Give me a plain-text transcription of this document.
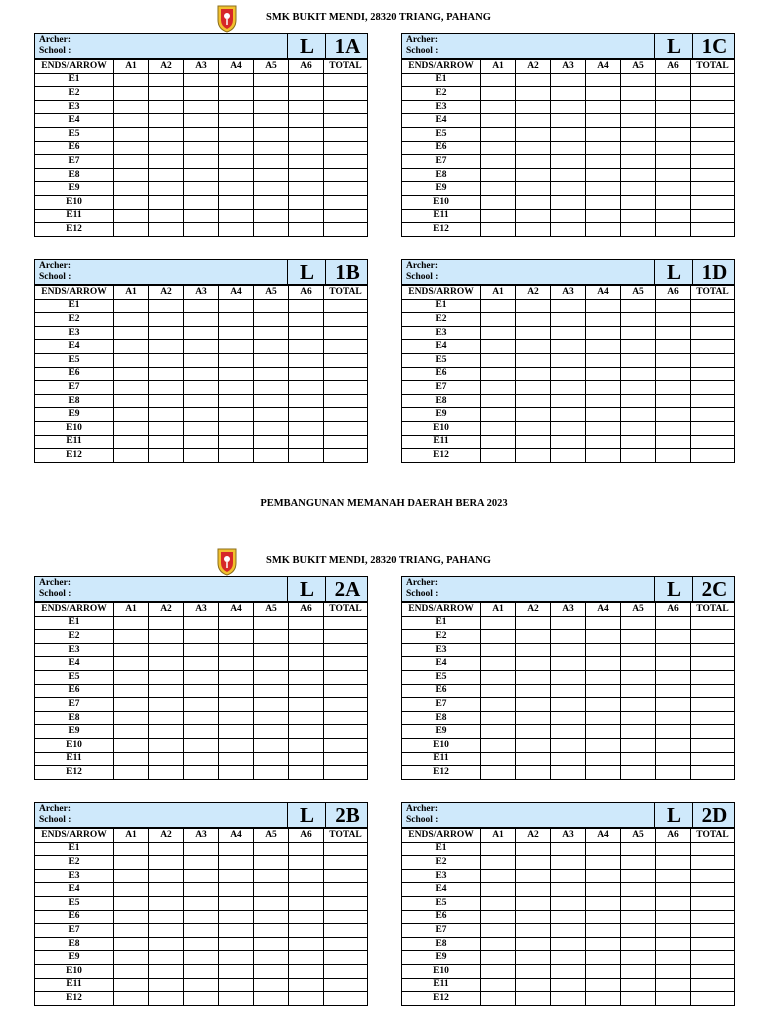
SMK BUKIT MENDI, 28320 TRIANG, PAHANG
Archer:
School :	L 1A
ENDS/ARROW	A1	A2	A3	A4	A5	A6	TOTAL
E1							
E2							
E3							
E4							
E5							
E6							
E7							
E8							
E9							
E10							
E11							
E12							
Archer:
School :	L 1C
ENDS/ARROW	A1	A2	A3	A4	A5	A6	TOTAL
E1							
E2							
E3							
E4							
E5							
E6							
E7							
E8							
E9							
E10							
E11							
E12							
Archer:
School :	L	1B
ENDS/ARROW	A1	A2	A3	A4	A5	A6	TOTAL
E1							
E2							
E3							
E4							
E5							
E6							
E7							
E8							
E9							
E10							
E11							
E12							
Archer:
School :	L 1D
ENDS/ARROW	A1	A2	A3	A4	A5	A6	TOTAL
E1							
E2							
E3							
E4							
E5							
E6							
E7							
E8							
E9							
E10							
E11							
E12							
PEMBANGUNAN MEMANAH DAERAH BERA 2023
SMK BUKIT MENDI, 28320 TRIANG, PAHANG
Archer:
School :	L 2A
ENDS/ARROW	A1	A2	A3	A4	A5	A6	TOTAL
E1							
E2							
E3							
E4							
E5							
E6							
E7							
E8							
E9							
E10							
E11							
E12							
Archer:
School :	L 2C
ENDS/ARROW	A1	A2	A3	A4	A5	A6	TOTAL
E1							
E2							
E3							
E4							
E5							
E6							
E7							
E8							
E9							
E10							
E11							
E12							
Archer:
School :	L	2B
ENDS/ARROW	A1	A2	A3	A4	A5	A6	TOTAL
E1							
E2							
E3							
E4							
E5							
E6							
E7							
E8							
E9							
E10							
E11							
E12							
Archer:
School :	L 2D
ENDS/ARROW	A1	A2	A3	A4	A5	A6	TOTAL
E1							
E2							
E3							
E4							
E5							
E6							
E7							
E8							
E9							
E10							
E11							
E12							
